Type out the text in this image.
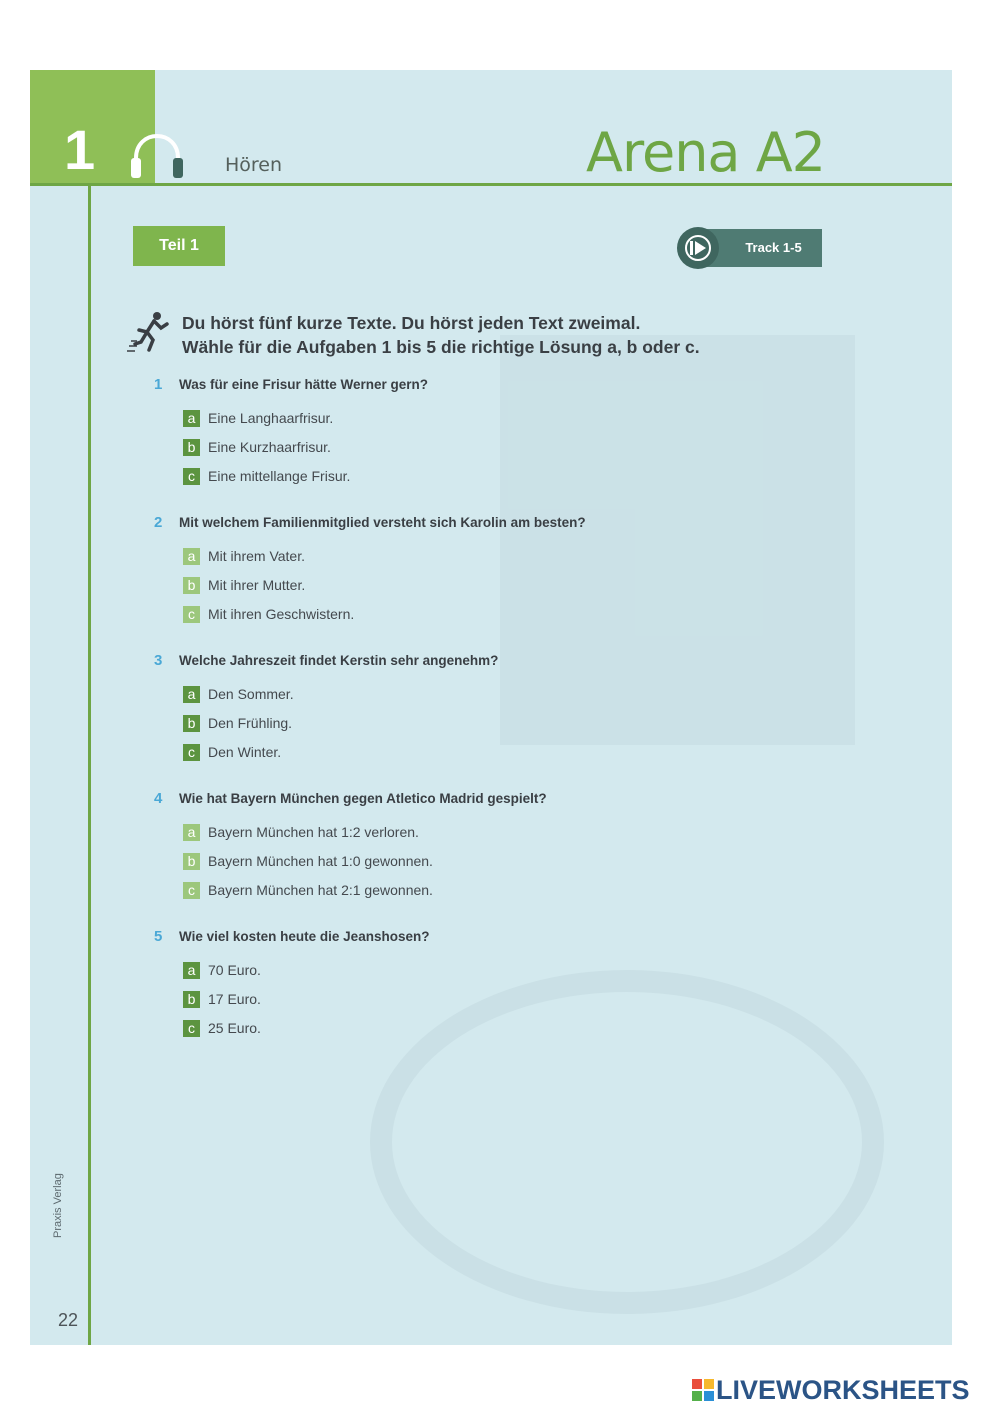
1	Hören	Arena A2
Teil 1	Track 1-5
Du hörst fünf kurze Texte. Du hörst jeden Text zweimal.
Wähle für die Aufgaben 1 bis 5 die richtige Lösung a, b oder c.
1	Was für eine Frisur hätte Werner gern?
a Eine Langhaarfrisur.
b Eine Kurzhaarfrisur.
c Eine mittellange Frisur.
2	Mit welchem Familienmitglied versteht sich Karolin am besten?
a Mit ihrem Vater.
b Mit ihrer Mutter.
c Mit ihren Geschwistern.
3	Welche Jahreszeit findet Kerstin sehr angenehm?
a Den Sommer.
b Den Frühling.
c Den Winter.
4	Wie hat Bayern München gegen Atletico Madrid gespielt?
a Bayern München hat 1:2 verloren.
b Bayern München hat 1:0 gewonnen.
c Bayern München hat 2:1 gewonnen.
5	Wie viel kosten heute die Jeanshosen?
a 70 Euro.
b 17 Euro.
c 25 Euro.
Praxis Verlag
22
LIVEWORKSHEETS
